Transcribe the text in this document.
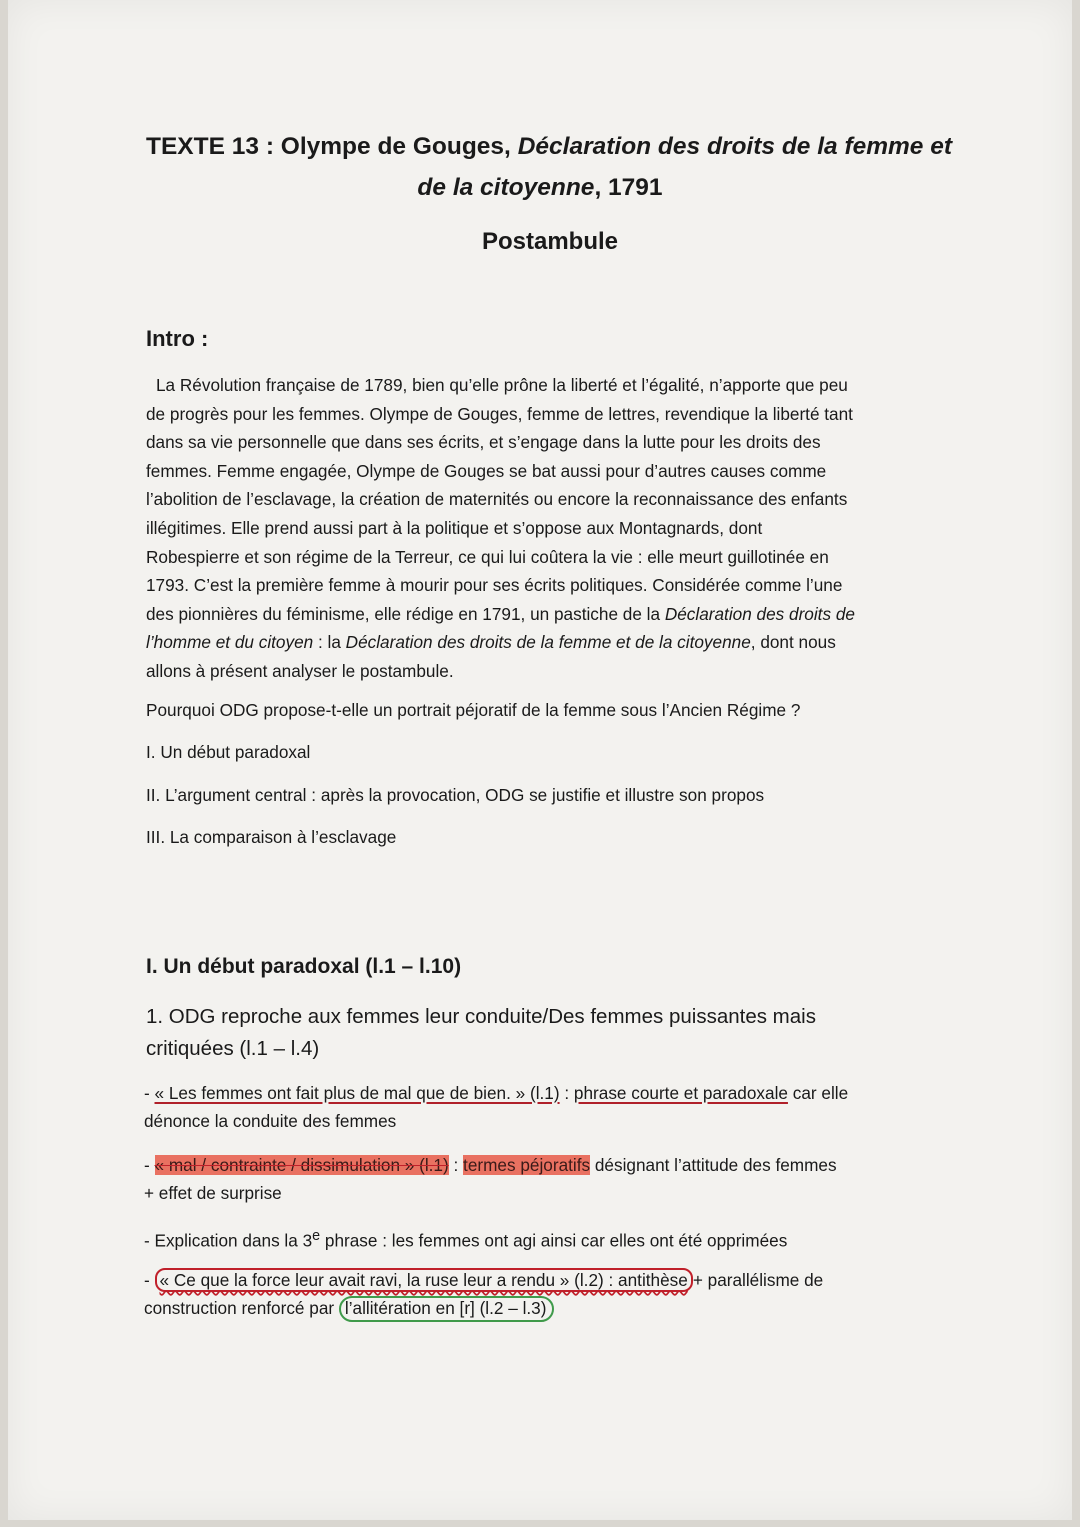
TEXTE 13 : Olympe de Gouges, Déclaration des droits de la femme et
de la citoyenne, 1791
Postambule
Intro :
La Révolution française de 1789, bien qu’elle prône la liberté et l’égalité, n’apporte que peu
de progrès pour les femmes. Olympe de Gouges, femme de lettres, revendique la liberté tant
dans sa vie personnelle que dans ses écrits, et s’engage dans la lutte pour les droits des
femmes. Femme engagée, Olympe de Gouges se bat aussi pour d’autres causes comme
l’abolition de l’esclavage, la création de maternités ou encore la reconnaissance des enfants
illégitimes. Elle prend aussi part à la politique et s’oppose aux Montagnards, dont
Robespierre et son régime de la Terreur, ce qui lui coûtera la vie : elle meurt guillotinée en
1793. C’est la première femme à mourir pour ses écrits politiques. Considérée comme l’une
des pionnières du féminisme, elle rédige en 1791, un pastiche de la Déclaration des droits de
l’homme et du citoyen : la Déclaration des droits de la femme et de la citoyenne, dont nous
allons à présent analyser le postambule.
Pourquoi ODG propose-t-elle un portrait péjoratif de la femme sous l’Ancien Régime ?
I. Un début paradoxal
II. L’argument central : après la provocation, ODG se justifie et illustre son propos
III. La comparaison à l’esclavage
I. Un début paradoxal (l.1 – l.10)
1. ODG reproche aux femmes leur conduite/Des femmes puissantes mais
critiquées (l.1 – l.4)
- « Les femmes ont fait plus de mal que de bien. » (l.1) : phrase courte et paradoxale car elle
dénonce la conduite des femmes
- « mal / contrainte / dissimulation » (l.1) : termes péjoratifs désignant l’attitude des femmes
+ effet de surprise
- Explication dans la 3e phrase : les femmes ont agi ainsi car elles ont été opprimées
- « Ce que la force leur avait ravi, la ruse leur a rendu » (l.2) : antithèse + parallélisme de
construction renforcé par l’allitération en [r] (l.2 – l.3)
